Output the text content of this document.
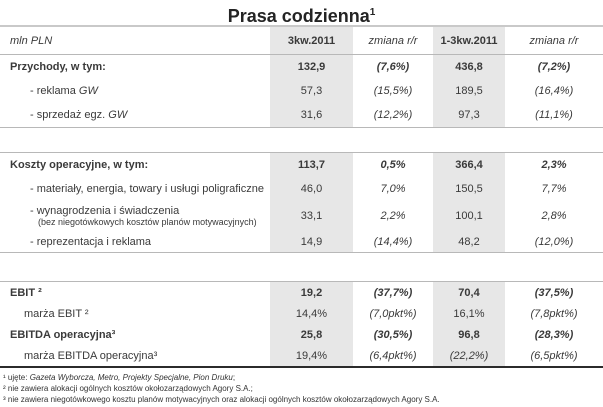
Prasa codzienna$^1$
mln PLN	3kw.2011	zmiana r/r	1-3kw.2011	zmiana r/r
Przychody, w tym:	132,9	(7,6%)	436,8	(7,2%)
- reklama GW	57,3	(15,5%)	189,5	(16,4%)
- sprzedaż egz. GW	31,6	(12,2%)	97,3	(11,1%)
Koszty operacyjne, w tym:	113,7	0,5%	366,4	2,3%
- materiały, energia, towary i usługi poligraficzne	46,0	7,0%	150,5	7,7%
- wynagrodzenia i świadczenia
(bez niegotówkowych kosztów planów motywacyjnych)	33,1	2,2%	100,1	2,8%
- reprezentacja i reklama	14,9	(14,4%)	48,2	(12,0%)
EBIT ²	19,2	(37,7%)	70,4	(37,5%)
marża EBIT ²	14,4%	(7,0pkt%)	16,1%	(7,8pkt%)
EBITDA operacyjna³	25,8	(30,5%)	96,8	(28,3%)
marża EBITDA operacyjna³	19,4%	(6,4pkt%)	(22,2%)	(6,5pkt%)
¹ ujęte: Gazeta Wyborcza, Metro, Projekty Specjalne, Pion Druku;
² nie zawiera alokacji ogólnych kosztów okołozarządowych Agory S.A.;
³ nie zawiera niegotówkowego kosztu planów motywacyjnych oraz alokacji ogólnych kosztów okołozarządowych Agory S.A.
